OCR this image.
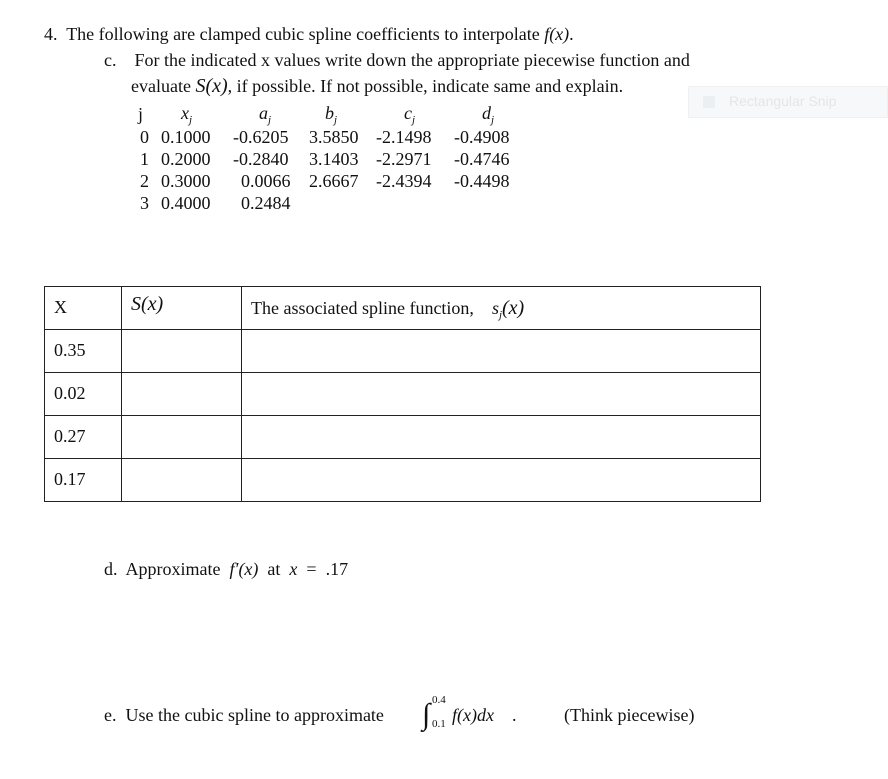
Rectangular Snip
4. The following are clamped cubic spline coefficients to interpolate f(x).
c. For the indicated x values write down the appropriate piecewise function and
evaluate S(x), if possible. If not possible, indicate same and explain.
j	$x_j$	$a_j$	$b_j$	$c_j$	$d_j$
0	0.1000	-0.6205	3.5850	-2.1498	-0.4908
1	0.2000	-0.2840	3.1403	-2.2971	-0.4746
2	0.3000	0.0066	2.6667	-2.4394	-0.4498
3	0.4000	0.2484			
X	S(x)	The associated spline function, $s_j(x)$
0.35		
0.02		
0.27		
0.17		
d. Approximate f′(x) at x = .17
e. Use the cubic spline to approximate ∫ 0.4
0.1 f(x)dx .	(Think piecewise)
